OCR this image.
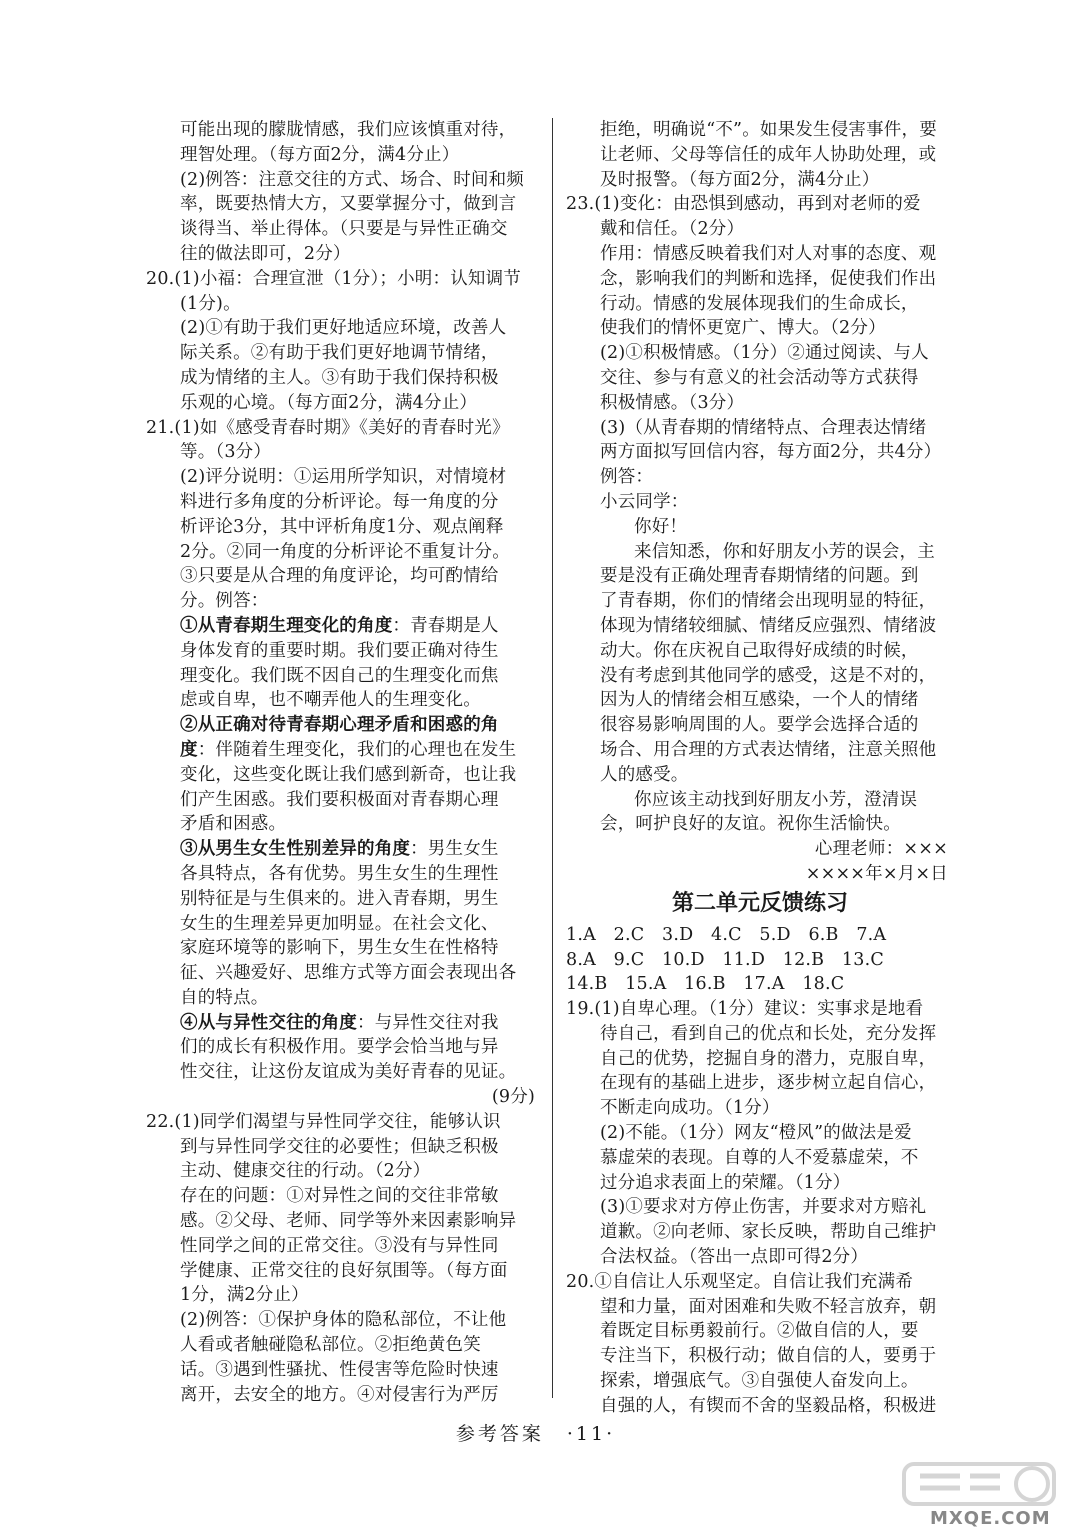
可能出现的朦胧情感，我们应该慎重对待，
理智处理。（每方面2分，满4分止）
(2)例答：注意交往的方式、场合、时间和频
率，既要热情大方，又要掌握分寸，做到言
谈得当、举止得体。（只要是与异性正确交
往的做法即可，2分）
20.(1)小福：合理宣泄（1分）；小明：认知调节
(1分)。
(2)①有助于我们更好地适应环境，改善人
际关系。②有助于我们更好地调节情绪，
成为情绪的主人。③有助于我们保持积极
乐观的心境。（每方面2分，满4分止）
21.(1)如《感受青春时期》《美好的青春时光》
等。（3分）
(2)评分说明：①运用所学知识，对情境材
料进行多角度的分析评论。每一角度的分
析评论3分，其中评析角度1分、观点阐释
2分。②同一角度的分析评论不重复计分。
③只要是从合理的角度评论，均可酌情给
分。例答：
①从青春期生理变化的角度：青春期是人
身体发育的重要时期。我们要正确对待生
理变化。我们既不因自己的生理变化而焦
虑或自卑，也不嘲弄他人的生理变化。
②从正确对待青春期心理矛盾和困惑的角
度：伴随着生理变化，我们的心理也在发生
变化，这些变化既让我们感到新奇，也让我
们产生困惑。我们要积极面对青春期心理
矛盾和困惑。
③从男生女生性别差异的角度：男生女生
各具特点，各有优势。男生女生的生理性
别特征是与生俱来的。进入青春期，男生
女生的生理差异更加明显。在社会文化、
家庭环境等的影响下，男生女生在性格特
征、兴趣爱好、思维方式等方面会表现出各
自的特点。
④从与异性交往的角度：与异性交往对我
们的成长有积极作用。要学会恰当地与异
性交往，让这份友谊成为美好青春的见证。
(9分)
22.(1)同学们渴望与异性同学交往，能够认识
到与异性同学交往的必要性；但缺乏积极
主动、健康交往的行动。（2分）
存在的问题：①对异性之间的交往非常敏
感。②父母、老师、同学等外来因素影响异
性同学之间的正常交往。③没有与异性同
学健康、正常交往的良好氛围等。（每方面
1分，满2分止）
(2)例答：①保护身体的隐私部位，不让他
人看或者触碰隐私部位。②拒绝黄色笑
话。③遇到性骚扰、性侵害等危险时快速
离开，去安全的地方。④对侵害行为严厉
拒绝，明确说“不”。如果发生侵害事件，要
让老师、父母等信任的成年人协助处理，或
及时报警。（每方面2分，满4分止）
23.(1)变化：由恐惧到感动，再到对老师的爱
戴和信任。（2分）
作用：情感反映着我们对人对事的态度、观
念，影响我们的判断和选择，促使我们作出
行动。情感的发展体现我们的生命成长，
使我们的情怀更宽广、博大。（2分）
(2)①积极情感。（1分）②通过阅读、与人
交往、参与有意义的社会活动等方式获得
积极情感。（3分）
(3)（从青春期的情绪特点、合理表达情绪
两方面拟写回信内容，每方面2分，共4分）
例答：
小云同学：
你好！
来信知悉，你和好朋友小芳的误会，主
要是没有正确处理青春期情绪的问题。到
了青春期，你们的情绪会出现明显的特征，
体现为情绪较细腻、情绪反应强烈、情绪波
动大。你在庆祝自己取得好成绩的时候，
没有考虑到其他同学的感受，这是不对的，
因为人的情绪会相互感染，一个人的情绪
很容易影响周围的人。要学会选择合适的
场合、用合理的方式表达情绪，注意关照他
人的感受。
你应该主动找到好朋友小芳，澄清误
会，呵护良好的友谊。祝你生活愉快。
心理老师：×××
××××年×月×日
第二单元反馈练习
1.A　2.C　3.D　4.C　5.D　6.B　7.A
8.A　9.C　10.D　11.D　12.B　13.C
14.B　15.A　16.B　17.A　18.C
19.(1)自卑心理。（1分）建议：实事求是地看
待自己，看到自己的优点和长处，充分发挥
自己的优势，挖掘自身的潜力，克服自卑，
在现有的基础上进步，逐步树立起自信心，
不断走向成功。（1分）
(2)不能。（1分）网友“橙风”的做法是爱
慕虚荣的表现。自尊的人不爱慕虚荣，不
过分追求表面上的荣耀。（1分）
(3)①要求对方停止伤害，并要求对方赔礼
道歉。②向老师、家长反映，帮助自己维护
合法权益。（答出一点即可得2分）
20.①自信让人乐观坚定。自信让我们充满希
望和力量，面对困难和失败不轻言放弃，朝
着既定目标勇毅前行。②做自信的人，要
专注当下，积极行动；做自信的人，要勇于
探索，增强底气。③自强使人奋发向上。
自强的人，有锲而不舍的坚毅品格，积极进
参考答案 ·11·
MXQE.COM
